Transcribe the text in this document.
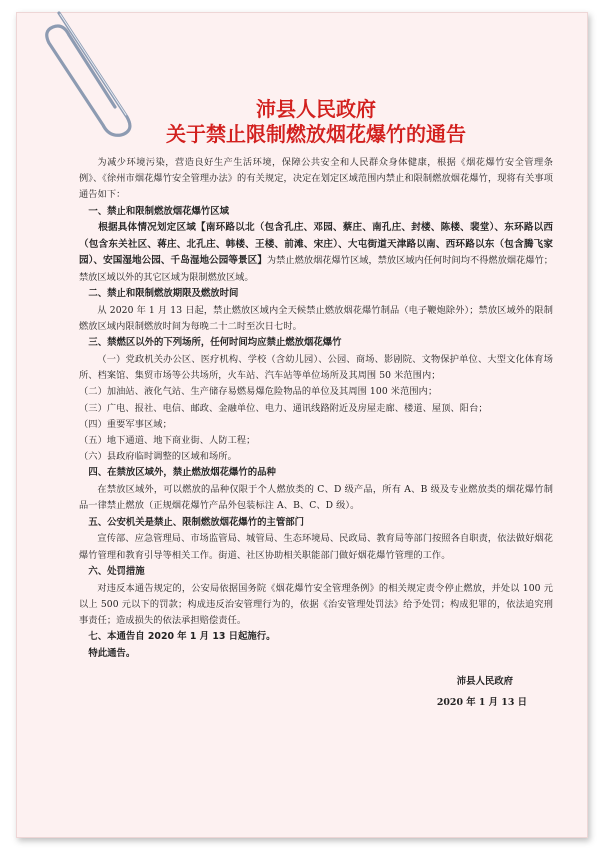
沛县人民政府
关于禁止限制燃放烟花爆竹的通告

为减少环境污染，营造良好生产生活环境，保障公共安全和人民群众身体健康，根据《烟花爆竹安全管理条例》、《徐州市烟花爆竹安全管理办法》的有关规定，决定在划定区域范围内禁止和限制燃放烟花爆竹，现将有关事项通告如下：

一、禁止和限制燃放烟花爆竹区域

根据具体情况划定区域【南环路以北（包含孔庄、邓园、蔡庄、南孔庄、封楼、陈楼、裴堂）、东环路以西（包含东关社区、蒋庄、北孔庄、韩楼、王楼、前滩、宋庄）、大屯街道天津路以南、西环路以东（包含腾飞家园）、安国湿地公园、千岛湿地公园等景区】为禁止燃放烟花爆竹区域，禁放区域内任何时间均不得燃放烟花爆竹；禁放区域以外的其它区域为限制燃放区域。

二、禁止和限制燃放期限及燃放时间

从 2020 年 1 月 13 日起，禁止燃放区域内全天候禁止燃放烟花爆竹制品（电子鞭炮除外）；禁放区域外的限制燃放区域内限制燃放时间为每晚二十二时至次日七时。

三、禁燃区以外的下列场所，任何时间均应禁止燃放烟花爆竹

（一）党政机关办公区、医疗机构、学校（含幼儿园）、公园、商场、影剧院、文物保护单位、大型文化体育场所、档案馆、集贸市场等公共场所，火车站、汽车站等单位场所及其周围 50 米范围内；

（二）加油站、液化气站、生产储存易燃易爆危险物品的单位及其周围 100 米范围内；

（三）广电、报社、电信、邮政、金融单位、电力、通讯线路附近及房屋走廊、楼道、屋顶、阳台；

（四）重要军事区域；

（五）地下通道、地下商业街、人防工程；

（六）县政府临时调整的区域和场所。

四、在禁放区域外，禁止燃放烟花爆竹的品种

在禁放区域外，可以燃放的品种仅限于个人燃放类的 C、D 级产品，所有 A、B 级及专业燃放类的烟花爆竹制品一律禁止燃放（正规烟花爆竹产品外包装标注 A、B、C、D 级）。

五、公安机关是禁止、限制燃放烟花爆竹的主管部门

宣传部、应急管理局、市场监管局、城管局、生态环境局、民政局、教育局等部门按照各自职责，依法做好烟花爆竹管理和教育引导等相关工作。街道、社区协助相关职能部门做好烟花爆竹管理的工作。

六、处罚措施

对违反本通告规定的，公安局依据国务院《烟花爆竹安全管理条例》的相关规定责令停止燃放，并处以 100 元以上 500 元以下的罚款；构成违反治安管理行为的，依据《治安管理处罚法》给予处罚；构成犯罪的，依法追究刑事责任；造成损失的依法承担赔偿责任。

七、本通告自 2020 年 1 月 13 日起施行。

特此通告。

沛县人民政府

2020 年 1 月 13 日
